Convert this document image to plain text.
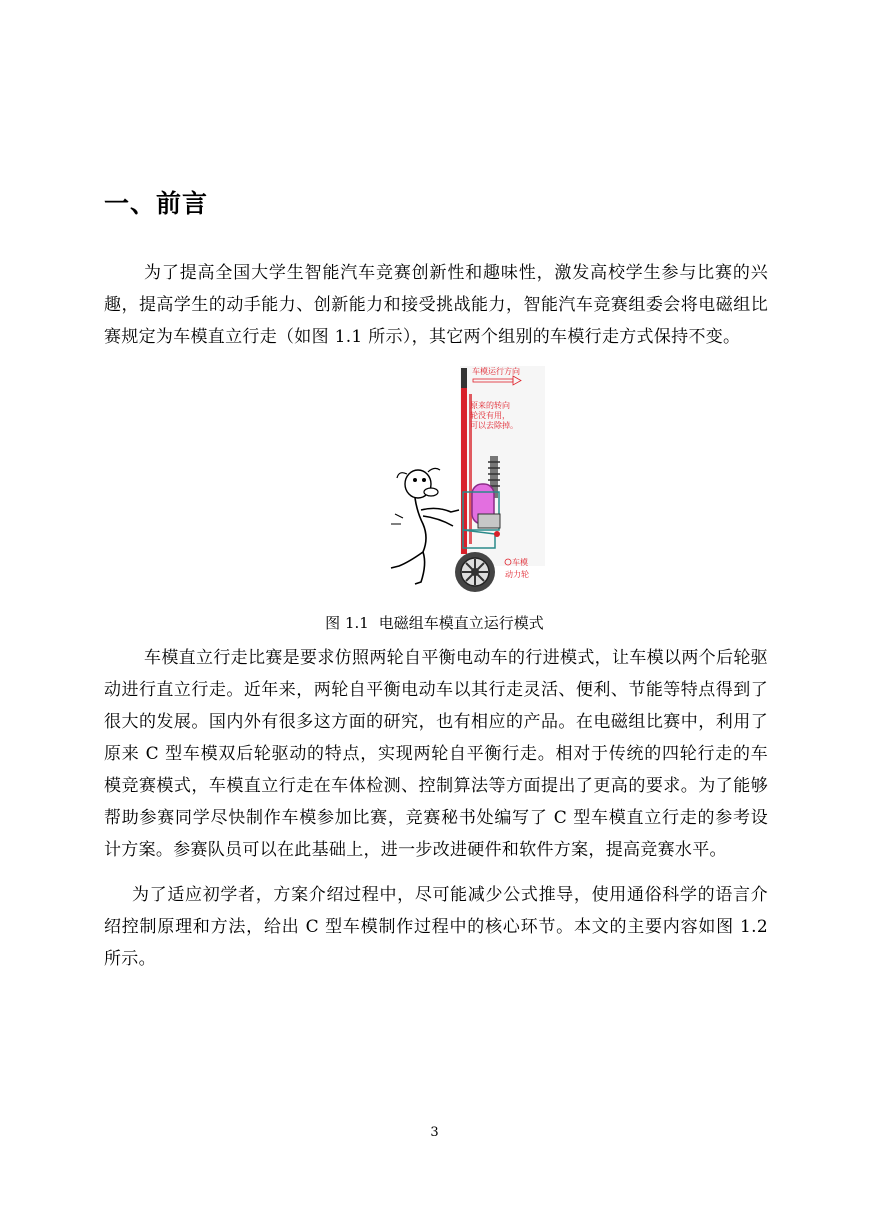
一、前言
为了提高全国大学生智能汽车竞赛创新性和趣味性，激发高校学生参与比赛的兴趣，提高学生的动手能力、创新能力和接受挑战能力，智能汽车竞赛组委会将电磁组比赛规定为车模直立行走（如图 1.1 所示），其它两个组别的车模行走方式保持不变。
车模运行方向
原来的转向
轮没有用，
可以去除掉。
车模
动力轮
图 1.1 电磁组车模直立运行模式
车模直立行走比赛是要求仿照两轮自平衡电动车的行进模式，让车模以两个后轮驱动进行直立行走。近年来，两轮自平衡电动车以其行走灵活、便利、节能等特点得到了很大的发展。国内外有很多这方面的研究，也有相应的产品。在电磁组比赛中，利用了原来 C 型车模双后轮驱动的特点，实现两轮自平衡行走。相对于传统的四轮行走的车模竞赛模式，车模直立行走在车体检测、控制算法等方面提出了更高的要求。为了能够帮助参赛同学尽快制作车模参加比赛，竞赛秘书处编写了 C 型车模直立行走的参考设计方案。参赛队员可以在此基础上，进一步改进硬件和软件方案，提高竞赛水平。
为了适应初学者，方案介绍过程中，尽可能减少公式推导，使用通俗科学的语言介绍控制原理和方法，给出 C 型车模制作过程中的核心环节。本文的主要内容如图 1.2 所示。
3
